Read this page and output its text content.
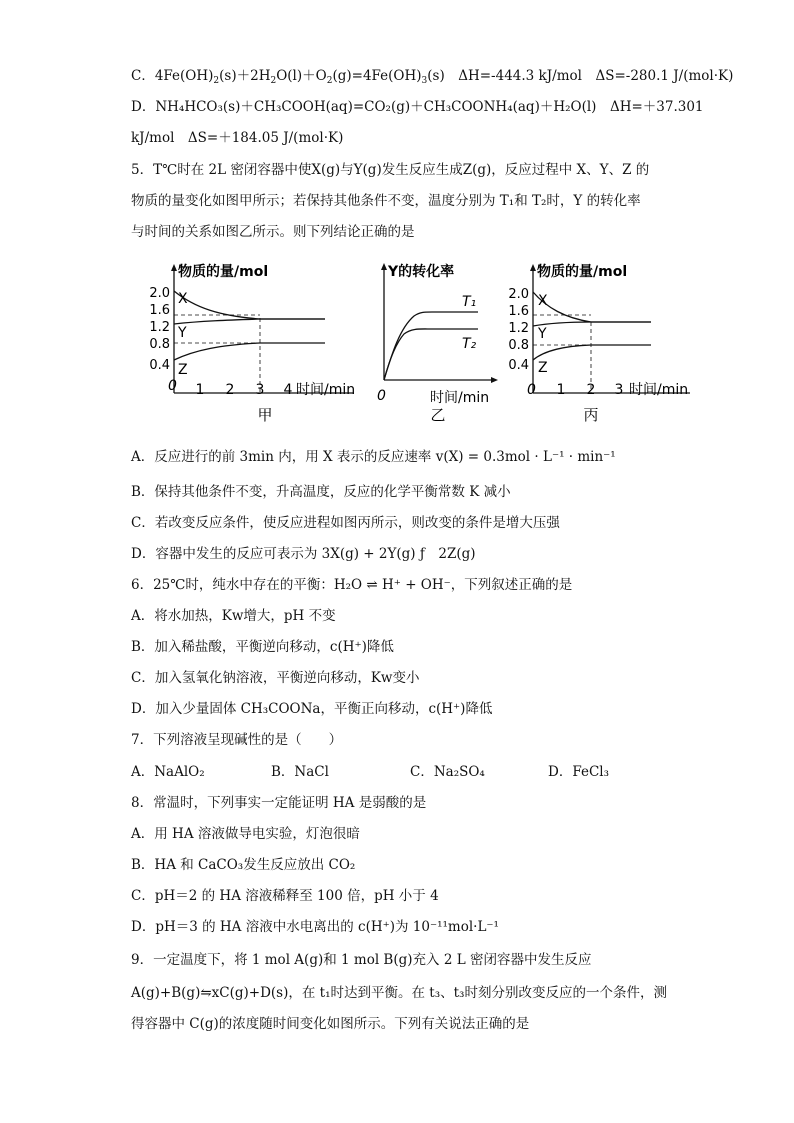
C．$4Fe(OH)_2(s)+2H_2O(l)+O_2(g)=4Fe(OH)_3(s)$　ΔH=-444.3 kJ/mol　ΔS=-280.1 J/(mol·K)
D．NH₄HCO₃(s)＋CH₃COOH(aq)=CO₂(g)＋CH₃COONH₄(aq)＋H₂O(l)　ΔH=＋37.301
kJ/mol　ΔS=＋184.05 J/(mol·K)
5．T℃时在 2L 密闭容器中使X(g)与Y(g)发生反应生成Z(g)，反应过程中 X、Y、Z 的
物质的量变化如图甲所示；若保持其他条件不变，温度分别为 T₁和 T₂时，Y 的转化率
与时间的关系如图乙所示。则下列结论正确的是
物质的量/mol
2.0
1.6
1.2
0.8
0.4
0 1 2 3 4 时间/min
X
Y
Z
甲
Y的转化率
0	时间/min
T₁
T₂
乙
物质的量/mol
2.0
1.6
1.2
0.8
0.4
0 1 2 3 时间/min
X
Y
Z
丙
A．反应进行的前 3min 内，用 X 表示的反应速率 v(X) = 0.3mol · L⁻¹ · min⁻¹
B．保持其他条件不变，升高温度，反应的化学平衡常数 K 减小
C．若改变反应条件，使反应进程如图丙所示，则改变的条件是增大压强
D．容器中发生的反应可表示为 3X(g) + 2Y(g) ƒ　2Z(g)
6．25℃时，纯水中存在的平衡：H₂O ⇌ H⁺ + OH⁻，下列叙述正确的是
A．将水加热，Kw增大，pH 不变
B．加入稀盐酸，平衡逆向移动，c(H⁺)降低
C．加入氢氧化钠溶液，平衡逆向移动，Kw变小
D．加入少量固体 CH₃COONa，平衡正向移动，c(H⁺)降低
7．下列溶液呈现碱性的是（　　）
A．NaAlO₂	B．NaCl	C．Na₂SO₄	D．FeCl₃
8．常温时，下列事实一定能证明 HA 是弱酸的是
A．用 HA 溶液做导电实验，灯泡很暗
B．HA 和 CaCO₃发生反应放出 CO₂
C．pH＝2 的 HA 溶液稀释至 100 倍，pH 小于 4
D．pH＝3 的 HA 溶液中水电离出的 c(H⁺)为 10⁻¹¹mol·L⁻¹
9．一定温度下，将 1 mol A(g)和 1 mol B(g)充入 2 L 密闭容器中发生反应
A(g)+B(g)⇋xC(g)+D(s)，在 t₁时达到平衡。在 t₃、t₃时刻分别改变反应的一个条件，测
得容器中 C(g)的浓度随时间变化如图所示。下列有关说法正确的是
